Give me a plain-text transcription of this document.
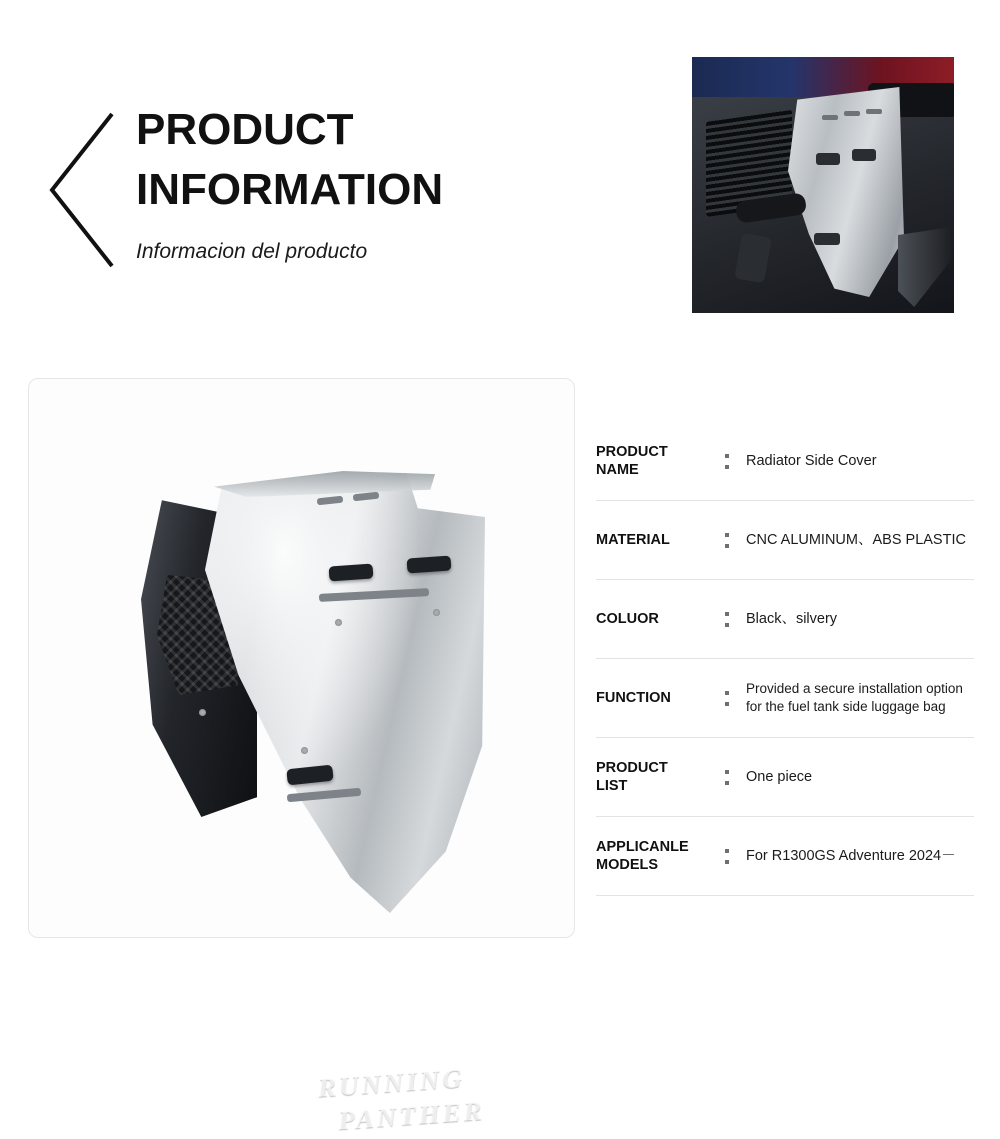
PRODUCT
INFORMATION
Informacion del producto
RUNNING
PANTHER
PRODUCT
NAME
Radiator Side Cover
MATERIAL	CNC ALUMINUM、ABS PLASTIC
COLUOR	Black、silvery
FUNCTION
Provided a secure installation option for the fuel tank side luggage bag
PRODUCT
LIST
One piece
APPLICANLE
MODELS
For R1300GS Adventure 2024－
